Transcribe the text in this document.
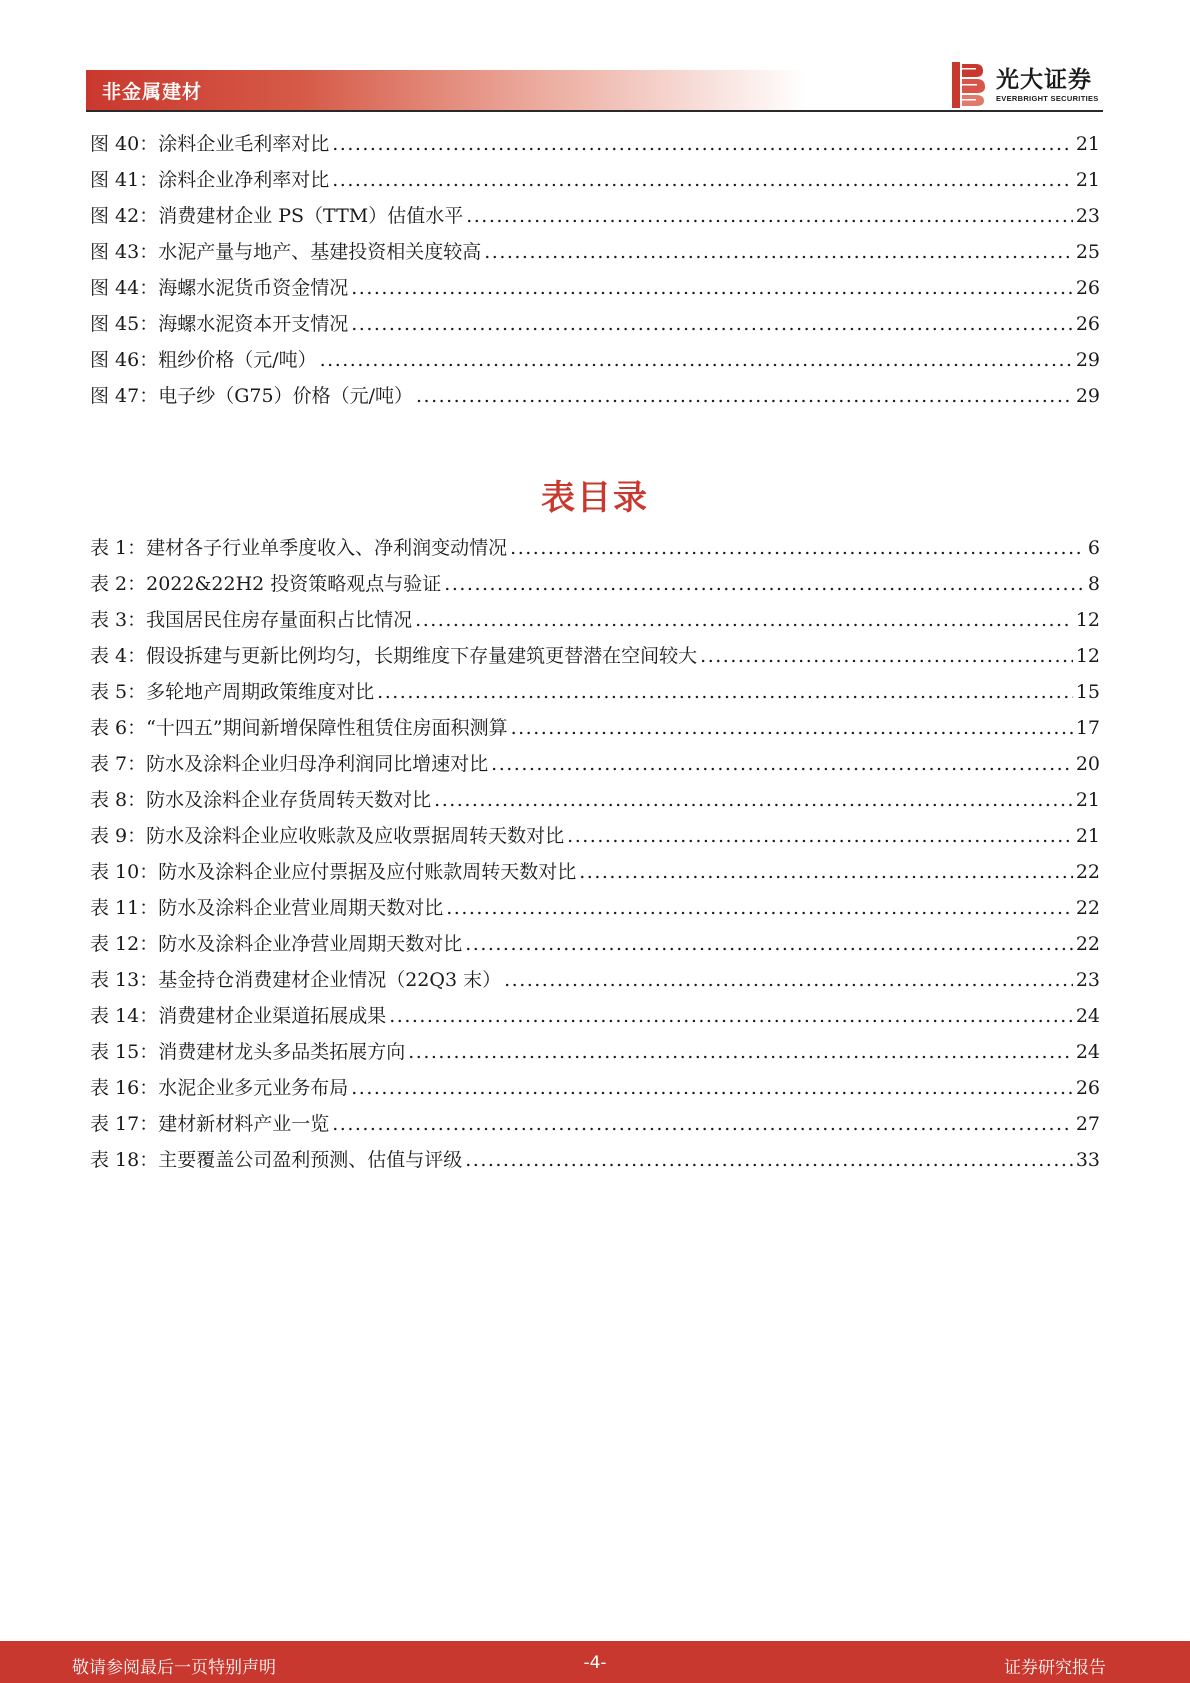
非金属建材	光大证券
EVERBRIGHT SECURITIES
图 40： 涂料企业毛利率对比 .....	21
图 41： 涂料企业净利率对比 .....	21
图 42： 消费建材企业 PS（TTM）估值水平 .....	23
图 43： 水泥产量与地产、基建投资相关度较高 .....	25
图 44： 海螺水泥货币资金情况 .....	26
图 45： 海螺水泥资本开支情况 .....	26
图 46： 粗纱价格（元/吨） .....	29
图 47： 电子纱（G75）价格（元/吨） .....	29
表目录
表 1： 建材各子行业单季度收入、净利润变动情况 .....	6
表 2： 2022&22H2 投资策略观点与验证 .....	8
表 3： 我国居民住房存量面积占比情况 .....	12
表 4： 假设拆建与更新比例均匀，长期维度下存量建筑更替潜在空间较大 .....	12
表 5： 多轮地产周期政策维度对比 .....	15
表 6： “十四五”期间新增保障性租赁住房面积测算 .....	17
表 7： 防水及涂料企业归母净利润同比增速对比 .....	20
表 8： 防水及涂料企业存货周转天数对比 .....	21
表 9： 防水及涂料企业应收账款及应收票据周转天数对比 .....	21
表 10： 防水及涂料企业应付票据及应付账款周转天数对比 .....	22
表 11： 防水及涂料企业营业周期天数对比 .....	22
表 12： 防水及涂料企业净营业周期天数对比 .....	22
表 13： 基金持仓消费建材企业情况（22Q3 末） .....	23
表 14： 消费建材企业渠道拓展成果 .....	24
表 15： 消费建材龙头多品类拓展方向 .....	24
表 16： 水泥企业多元业务布局 .....	26
表 17： 建材新材料产业一览 .....	27
表 18： 主要覆盖公司盈利预测、估值与评级 .....	33
敬请参阅最后一页特别声明	-4-	证券研究报告
